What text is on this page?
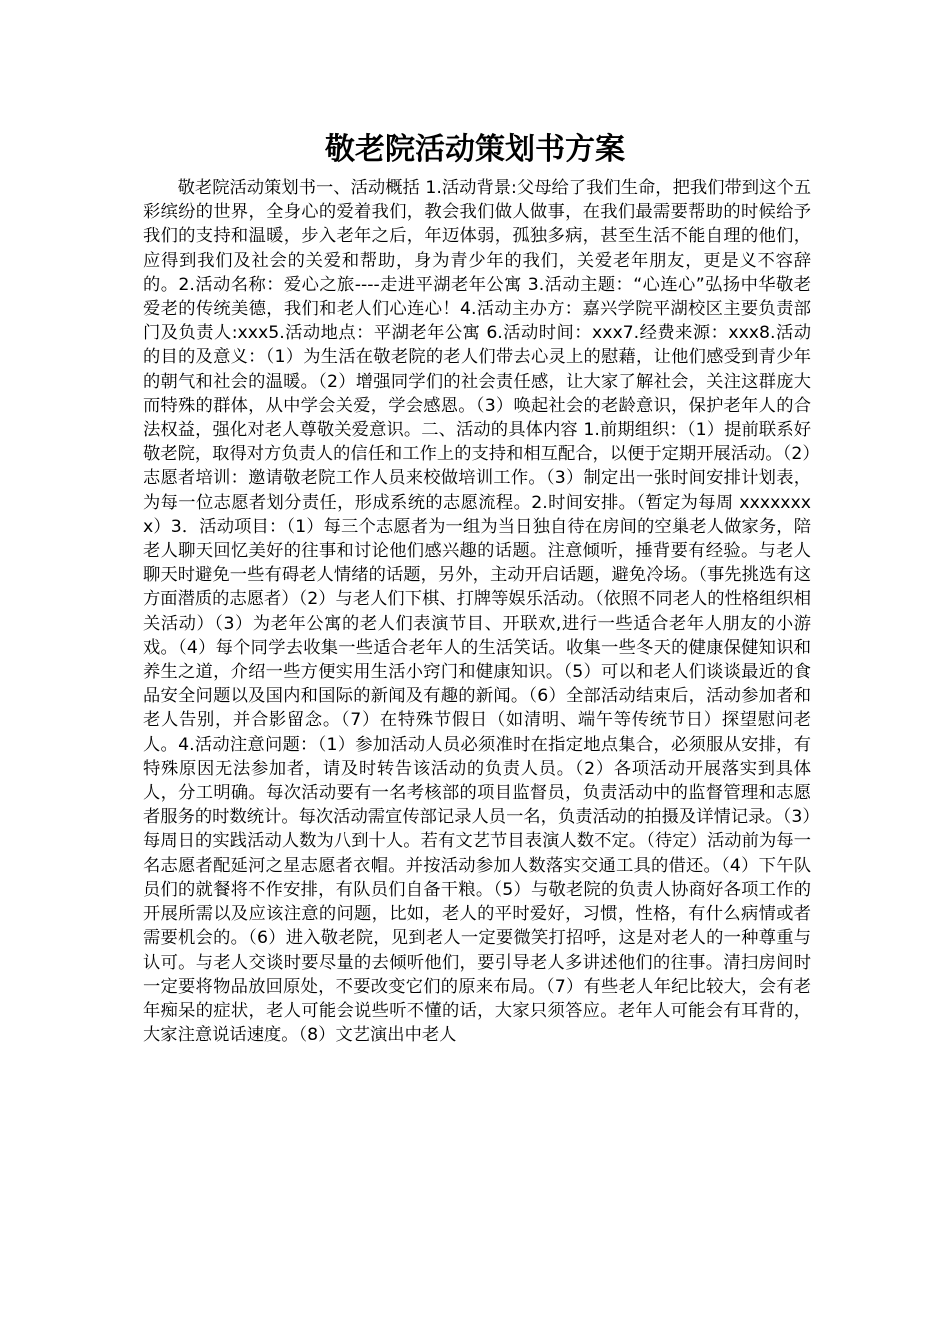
敬老院活动策划书方案

敬老院活动策划书一、活动概括 1.活动背景:父母给了我们生命，把我们带到这个五彩缤纷的世界，全身心的爱着我们，教会我们做人做事，在我们最需要帮助的时候给予我们的支持和温暖，步入老年之后，年迈体弱，孤独多病，甚至生活不能自理的他们，应得到我们及社会的关爱和帮助，身为青少年的我们，关爱老年朋友，更是义不容辞的。2.活动名称：爱心之旅----走进平湖老年公寓 3.活动主题：“心连心”弘扬中华敬老爱老的传统美德，我们和老人们心连心！4.活动主办方：嘉兴学院平湖校区主要负责部门及负责人:xxx5.活动地点：平湖老年公寓 6.活动时间：xxx7.经费来源：xxx8.活动的目的及意义：（1）为生活在敬老院的老人们带去心灵上的慰藉，让他们感受到青少年的朝气和社会的温暖。（2）增强同学们的社会责任感，让大家了解社会，关注这群庞大而特殊的群体，从中学会关爱，学会感恩。（3）唤起社会的老龄意识，保护老年人的合法权益，强化对老人尊敬关爱意识。二、活动的具体内容 1.前期组织：（1）提前联系好敬老院，取得对方负责人的信任和工作上的支持和相互配合，以便于定期开展活动。（2）志愿者培训：邀请敬老院工作人员来校做培训工作。（3）制定出一张时间安排计划表，为每一位志愿者划分责任，形成系统的志愿流程。2.时间安排。（暂定为每周 xxxxxxxx）3．活动项目：（1）每三个志愿者为一组为当日独自待在房间的空巢老人做家务，陪老人聊天回忆美好的往事和讨论他们感兴趣的话题。注意倾听，捶背要有经验。与老人聊天时避免一些有碍老人情绪的话题，另外，主动开启话题，避免冷场。（事先挑选有这方面潜质的志愿者）（2）与老人们下棋、打牌等娱乐活动。（依照不同老人的性格组织相关活动）（3）为老年公寓的老人们表演节目、开联欢,进行一些适合老年人朋友的小游戏。（4）每个同学去收集一些适合老年人的生活笑话。收集一些冬天的健康保健知识和养生之道，介绍一些方便实用生活小窍门和健康知识。（5）可以和老人们谈谈最近的食品安全问题以及国内和国际的新闻及有趣的新闻。（6）全部活动结束后，活动参加者和老人告别，并合影留念。（7）在特殊节假日（如清明、端午等传统节日）探望慰问老人。4.活动注意问题：（1）参加活动人员必须准时在指定地点集合，必须服从安排，有特殊原因无法参加者，请及时转告该活动的负责人员。（2）各项活动开展落实到具体人，分工明确。每次活动要有一名考核部的项目监督员，负责活动中的监督管理和志愿者服务的时数统计。每次活动需宣传部记录人员一名，负责活动的拍摄及详情记录。（3）每周日的实践活动人数为八到十人。若有文艺节目表演人数不定。（待定）活动前为每一名志愿者配延河之星志愿者衣帽。并按活动参加人数落实交通工具的借还。（4）下午队员们的就餐将不作安排，有队员们自备干粮。（5）与敬老院的负责人协商好各项工作的开展所需以及应该注意的问题，比如，老人的平时爱好，习惯，性格，有什么病情或者需要机会的。（6）进入敬老院，见到老人一定要微笑打招呼，这是对老人的一种尊重与认可。与老人交谈时要尽量的去倾听他们，要引导老人多讲述他们的往事。清扫房间时一定要将物品放回原处，不要改变它们的原来布局。（7）有些老人年纪比较大，会有老年痴呆的症状，老人可能会说些听不懂的话，大家只须答应。老年人可能会有耳背的，大家注意说话速度。（8）文艺演出中老人
